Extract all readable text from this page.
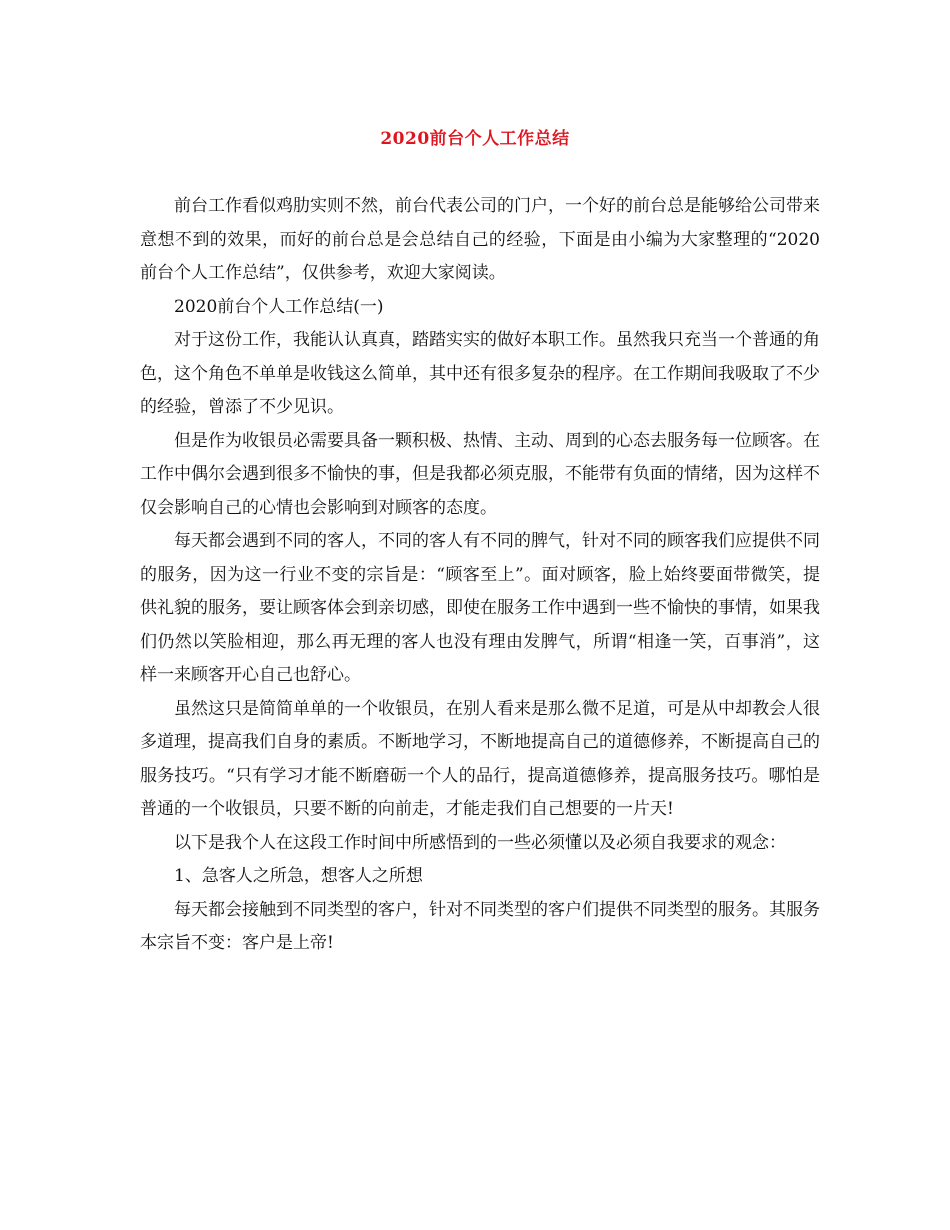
2020前台个人工作总结

前台工作看似鸡肋实则不然，前台代表公司的门户，一个好的前台总是能够给公司带来意想不到的效果，而好的前台总是会总结自己的经验，下面是由小编为大家整理的“2020前台个人工作总结”，仅供参考，欢迎大家阅读。

2020前台个人工作总结(一)

对于这份工作，我能认认真真，踏踏实实的做好本职工作。虽然我只充当一个普通的角色，这个角色不单单是收钱这么简单，其中还有很多复杂的程序。在工作期间我吸取了不少的经验，曾添了不少见识。

但是作为收银员必需要具备一颗积极、热情、主动、周到的心态去服务每一位顾客。在工作中偶尔会遇到很多不愉快的事，但是我都必须克服，不能带有负面的情绪，因为这样不仅会影响自己的心情也会影响到对顾客的态度。

每天都会遇到不同的客人，不同的客人有不同的脾气，针对不同的顾客我们应提供不同的服务，因为这一行业不变的宗旨是：“顾客至上”。面对顾客，脸上始终要面带微笑，提供礼貌的服务，要让顾客体会到亲切感，即使在服务工作中遇到一些不愉快的事情，如果我们仍然以笑脸相迎，那么再无理的客人也没有理由发脾气，所谓“相逢一笑，百事消”，这样一来顾客开心自己也舒心。

虽然这只是简简单单的一个收银员，在别人看来是那么微不足道，可是从中却教会人很多道理，提高我们自身的素质。不断地学习，不断地提高自己的道德修养，不断提高自己的服务技巧。“只有学习才能不断磨砺一个人的品行，提高道德修养，提高服务技巧。哪怕是普通的一个收银员，只要不断的向前走，才能走我们自己想要的一片天!

以下是我个人在这段工作时间中所感悟到的一些必须懂以及必须自我要求的观念：

1、急客人之所急，想客人之所想

每天都会接触到不同类型的客户，针对不同类型的客户们提供不同类型的服务。其服务本宗旨不变：客户是上帝!
